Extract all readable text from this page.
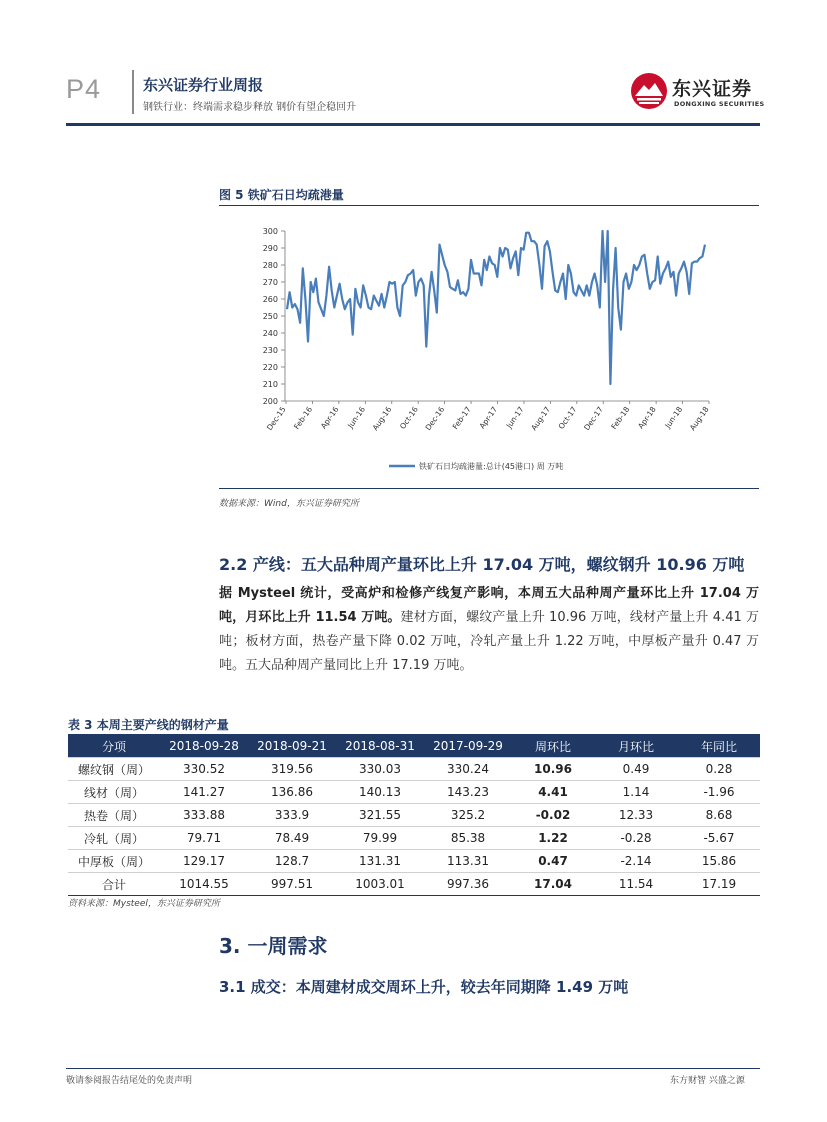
P4	东兴证券行业周报
钢铁行业：终端需求稳步释放 钢价有望企稳回升
东兴证券
DONGXING SECURITIES
图 5 铁矿石日均疏港量
200
210
220
230
240
250
260
270
280
290
300
Dec-15 Feb-16 Apr-16 Jun-16 Aug-16 Oct-16 Dec-16 Feb-17 Apr-17 Jun-17 Aug-17 Oct-17 Dec-17 Feb-18 Apr-18 Jun-18 Aug-18
铁矿石日均疏港量:总计(45港口) 周 万吨
数据来源：Wind，东兴证券研究所
2.2 产线：五大品种周产量环比上升 17.04 万吨，螺纹钢升 10.96 万吨
据 Mysteel 统计，受高炉和检修产线复产影响，本周五大品种周产量环比上升 17.04 万吨，月环比上升 11.54 万吨。建材方面，螺纹产量上升 10.96 万吨，线材产量上升 4.41 万吨；板材方面，热卷产量下降 0.02 万吨，冷轧产量上升 1.22 万吨，中厚板产量升 0.47 万吨。五大品种周产量同比上升 17.19 万吨。
表 3 本周主要产线的钢材产量
分项	2018-09-28	2018-09-21	2018-08-31	2017-09-29	周环比	月环比	年同比
螺纹钢（周）	330.52	319.56	330.03	330.24	10.96	0.49	0.28
线材（周）	141.27	136.86	140.13	143.23	4.41	1.14	-1.96
热卷（周）	333.88	333.9	321.55	325.2	-0.02	12.33	8.68
冷轧（周）	79.71	78.49	79.99	85.38	1.22	-0.28	-5.67
中厚板（周）	129.17	128.7	131.31	113.31	0.47	-2.14	15.86
合计	1014.55	997.51	1003.01	997.36	17.04	11.54	17.19
资料来源：Mysteel，东兴证券研究所
3. 一周需求
3.1 成交：本周建材成交周环上升，较去年同期降 1.49 万吨
敬请参阅报告结尾处的免责声明	东方财智 兴盛之源
